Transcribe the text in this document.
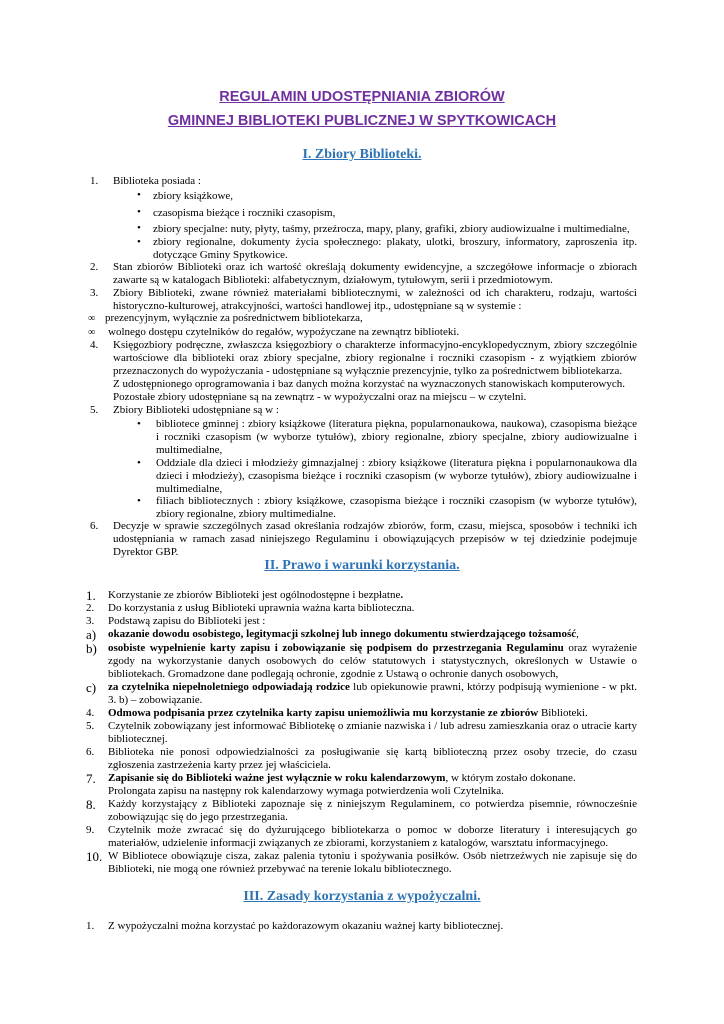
REGULAMIN UDOSTĘPNIANIA ZBIORÓW
GMINNEJ BIBLIOTEKI PUBLICZNEJ W SPYTKOWICACH
I. Zbiory Biblioteki.
1. Biblioteka posiada :
• zbiory książkowe,
• czasopisma bieżące i roczniki czasopism,
• zbiory specjalne: nuty, płyty, taśmy, przeźrocza, mapy, plany, grafiki, zbiory audiowizualne i multimedialne,
• zbiory regionalne, dokumenty życia społecznego: plakaty, ulotki, broszury, informatory, zaproszenia itp. dotyczące Gminy Spytkowice.
2. Stan zbiorów Biblioteki oraz ich wartość określają dokumenty ewidencyjne, a szczegółowe informacje o zbiorach zawarte są w katalogach Biblioteki: alfabetycznym, działowym, tytułowym, serii i przedmiotowym.
3. Zbiory Biblioteki, zwane również materiałami bibliotecznymi, w zależności od ich charakteru, rodzaju, wartości historyczno-kulturowej, atrakcyjności, wartości handlowej itp., udostępniane są w systemie :
∞ prezencyjnym, wyłącznie za pośrednictwem bibliotekarza,
∞ wolnego dostępu czytelników do regałów, wypożyczane na zewnątrz biblioteki.
4. Księgozbiory podręczne, zwłaszcza księgozbiory o charakterze informacyjno-encyklopedycznym, zbiory szczególnie wartościowe dla biblioteki oraz zbiory specjalne, zbiory regionalne i roczniki czasopism - z wyjątkiem zbiorów przeznaczonych do wypożyczania - udostępniane są wyłącznie prezencyjnie, tylko za pośrednictwem bibliotekarza.
Z udostępnionego oprogramowania i baz danych można korzystać na wyznaczonych stanowiskach komputerowych.
Pozostałe zbiory udostępniane są na zewnątrz - w wypożyczalni oraz na miejscu – w czytelni.
5. Zbiory Biblioteki udostępniane są w :
• bibliotece gminnej : zbiory książkowe (literatura piękna, popularnonaukowa, naukowa), czasopisma bieżące i roczniki czasopism (w wyborze tytułów), zbiory regionalne, zbiory specjalne, zbiory audiowizualne i multimedialne,
• Oddziale dla dzieci i młodzieży gimnazjalnej : zbiory książkowe (literatura piękna i popularnonaukowa dla dzieci i młodzieży), czasopisma bieżące i roczniki czasopism (w wyborze tytułów), zbiory audiowizualne i multimedialne,
• filiach bibliotecznych : zbiory książkowe, czasopisma bieżące i roczniki czasopism (w wyborze tytułów), zbiory regionalne, zbiory multimedialne.
6. Decyzje w sprawie szczególnych zasad określania rodzajów zbiorów, form, czasu, miejsca, sposobów i techniki ich udostępniania w ramach zasad niniejszego Regulaminu i obowiązujących przepisów w tej dziedzinie podejmuje Dyrektor GBP.
II. Prawo i warunki korzystania.
1. Korzystanie ze zbiorów Biblioteki jest ogólnodostępne i bezpłatne.
2. Do korzystania z usług Biblioteki uprawnia ważna karta biblioteczna.
3. Podstawą zapisu do Biblioteki jest :
a) okazanie dowodu osobistego, legitymacji szkolnej lub innego dokumentu stwierdzającego tożsamość,
b) osobiste wypełnienie karty zapisu i zobowiązanie się podpisem do przestrzegania Regulaminu oraz wyrażenie zgody na wykorzystanie danych osobowych do celów statutowych i statystycznych, określonych w Ustawie o bibliotekach. Gromadzone dane podlegają ochronie, zgodnie z Ustawą o ochronie danych osobowych,
c) za czytelnika niepełnoletniego odpowiadają rodzice lub opiekunowie prawni, którzy podpisują wymienione - w pkt. 3. b) – zobowiązanie.
4. Odmowa podpisania przez czytelnika karty zapisu uniemożliwia mu korzystanie ze zbiorów Biblioteki.
5. Czytelnik zobowiązany jest informować Bibliotekę o zmianie nazwiska i / lub adresu zamieszkania oraz o utracie karty bibliotecznej.
6. Biblioteka nie ponosi odpowiedzialności za posługiwanie się kartą biblioteczną przez osoby trzecie, do czasu zgłoszenia zastrzeżenia karty przez jej właściciela.
7. Zapisanie się do Biblioteki ważne jest wyłącznie w roku kalendarzowym, w którym zostało dokonane.
Prolongata zapisu na następny rok kalendarzowy wymaga potwierdzenia woli Czytelnika.
8. Każdy korzystający z Biblioteki zapoznaje się z niniejszym Regulaminem, co potwierdza pisemnie, równocześnie zobowiązując się do jego przestrzegania.
9. Czytelnik może zwracać się do dyżurującego bibliotekarza o pomoc w doborze literatury i interesujących go materiałów, udzielenie informacji związanych ze zbiorami, korzystaniem z katalogów, warsztatu informacyjnego.
10. W Bibliotece obowiązuje cisza, zakaz palenia tytoniu i spożywania posiłków. Osób nietrzeźwych nie zapisuje się do Biblioteki, nie mogą one również przebywać na terenie lokalu bibliotecznego.
III. Zasady korzystania z wypożyczalni.
1. Z wypożyczalni można korzystać po każdorazowym okazaniu ważnej karty bibliotecznej.
